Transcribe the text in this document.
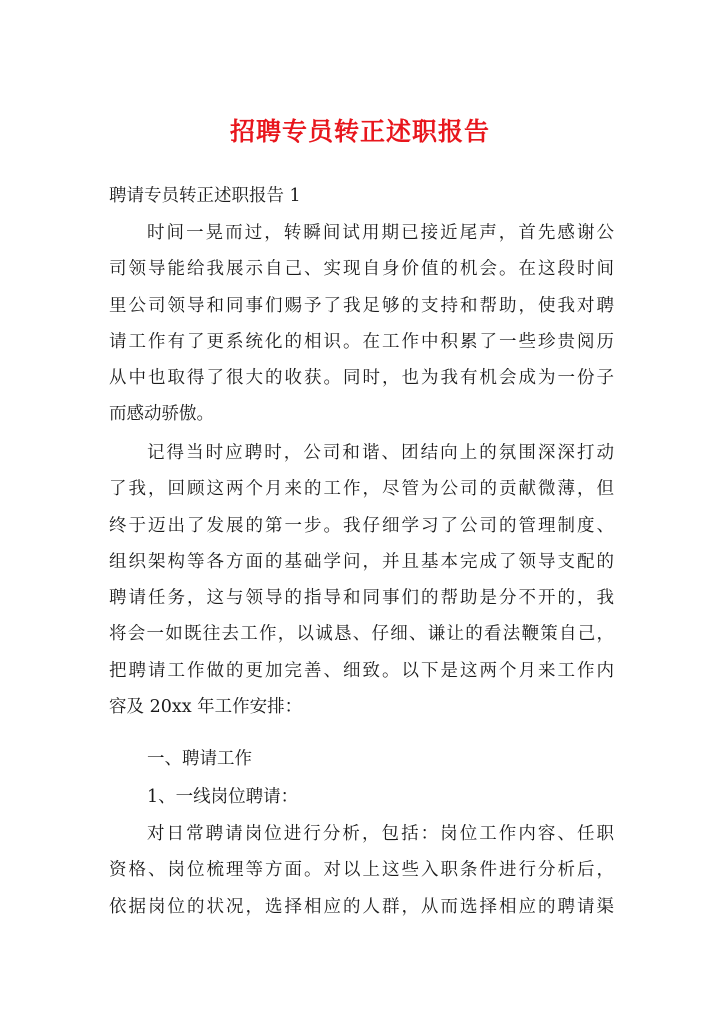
招聘专员转正述职报告
聘请专员转正述职报告 1
时间一晃而过，转瞬间试用期已接近尾声，首先感谢公
司领导能给我展示自己、实现自身价值的机会。在这段时间
里公司领导和同事们赐予了我足够的支持和帮助，使我对聘
请工作有了更系统化的相识。在工作中积累了一些珍贵阅历
从中也取得了很大的收获。同时，也为我有机会成为一份子
而感动骄傲。
记得当时应聘时，公司和谐、团结向上的氛围深深打动
了我，回顾这两个月来的工作，尽管为公司的贡献微薄，但
终于迈出了发展的第一步。我仔细学习了公司的管理制度、
组织架构等各方面的基础学问，并且基本完成了领导支配的
聘请任务，这与领导的指导和同事们的帮助是分不开的，我
将会一如既往去工作，以诚恳、仔细、谦让的看法鞭策自己，
把聘请工作做的更加完善、细致。以下是这两个月来工作内
容及 20xx 年工作安排：
一、聘请工作
1、一线岗位聘请：
对日常聘请岗位进行分析，包括：岗位工作内容、任职
资格、岗位梳理等方面。对以上这些入职条件进行分析后，
依据岗位的状况，选择相应的人群，从而选择相应的聘请渠
